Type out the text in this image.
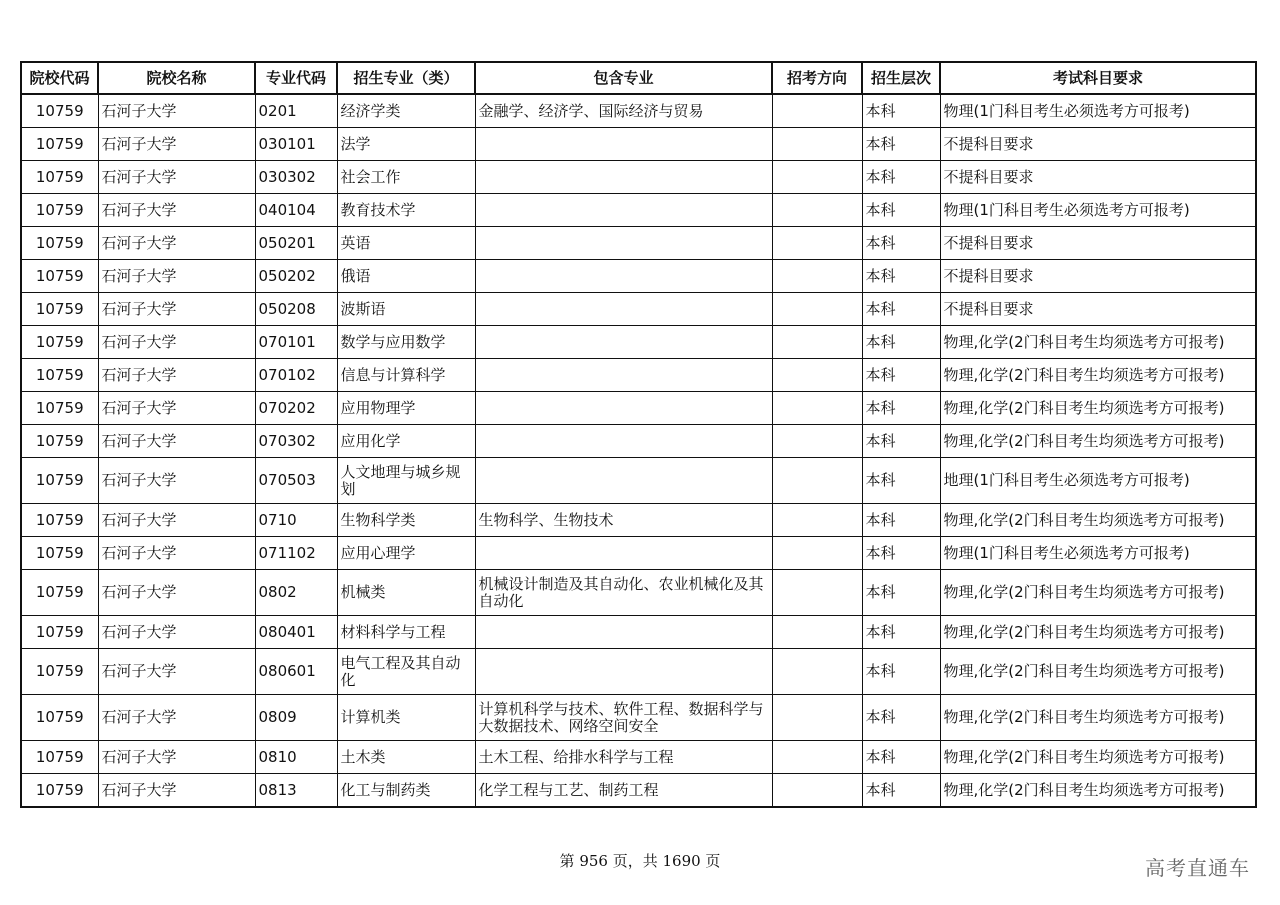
院校代码	院校名称	专业代码	招生专业（类）	包含专业	招考方向	招生层次	考试科目要求
10759	石河子大学	0201	经济学类	金融学、经济学、国际经济与贸易		本科	物理(1门科目考生必须选考方可报考)
10759	石河子大学	030101	法学			本科	不提科目要求
10759	石河子大学	030302	社会工作			本科	不提科目要求
10759	石河子大学	040104	教育技术学			本科	物理(1门科目考生必须选考方可报考)
10759	石河子大学	050201	英语			本科	不提科目要求
10759	石河子大学	050202	俄语			本科	不提科目要求
10759	石河子大学	050208	波斯语			本科	不提科目要求
10759	石河子大学	070101	数学与应用数学			本科	物理,化学(2门科目考生均须选考方可报考)
10759	石河子大学	070102	信息与计算科学			本科	物理,化学(2门科目考生均须选考方可报考)
10759	石河子大学	070202	应用物理学			本科	物理,化学(2门科目考生均须选考方可报考)
10759	石河子大学	070302	应用化学			本科	物理,化学(2门科目考生均须选考方可报考)
10759	石河子大学	070503	人文地理与城乡规划			本科	地理(1门科目考生必须选考方可报考)
10759	石河子大学	0710	生物科学类	生物科学、生物技术		本科	物理,化学(2门科目考生均须选考方可报考)
10759	石河子大学	071102	应用心理学			本科	物理(1门科目考生必须选考方可报考)
10759	石河子大学	0802	机械类	机械设计制造及其自动化、农业机械化及其自动化		本科	物理,化学(2门科目考生均须选考方可报考)
10759	石河子大学	080401	材料科学与工程			本科	物理,化学(2门科目考生均须选考方可报考)
10759	石河子大学	080601	电气工程及其自动化			本科	物理,化学(2门科目考生均须选考方可报考)
10759	石河子大学	0809	计算机类	计算机科学与技术、软件工程、数据科学与大数据技术、网络空间安全		本科	物理,化学(2门科目考生均须选考方可报考)
10759	石河子大学	0810	土木类	土木工程、给排水科学与工程		本科	物理,化学(2门科目考生均须选考方可报考)
10759	石河子大学	0813	化工与制药类	化学工程与工艺、制药工程		本科	物理,化学(2门科目考生均须选考方可报考)
第 956 页，共 1690 页	高考直通车
